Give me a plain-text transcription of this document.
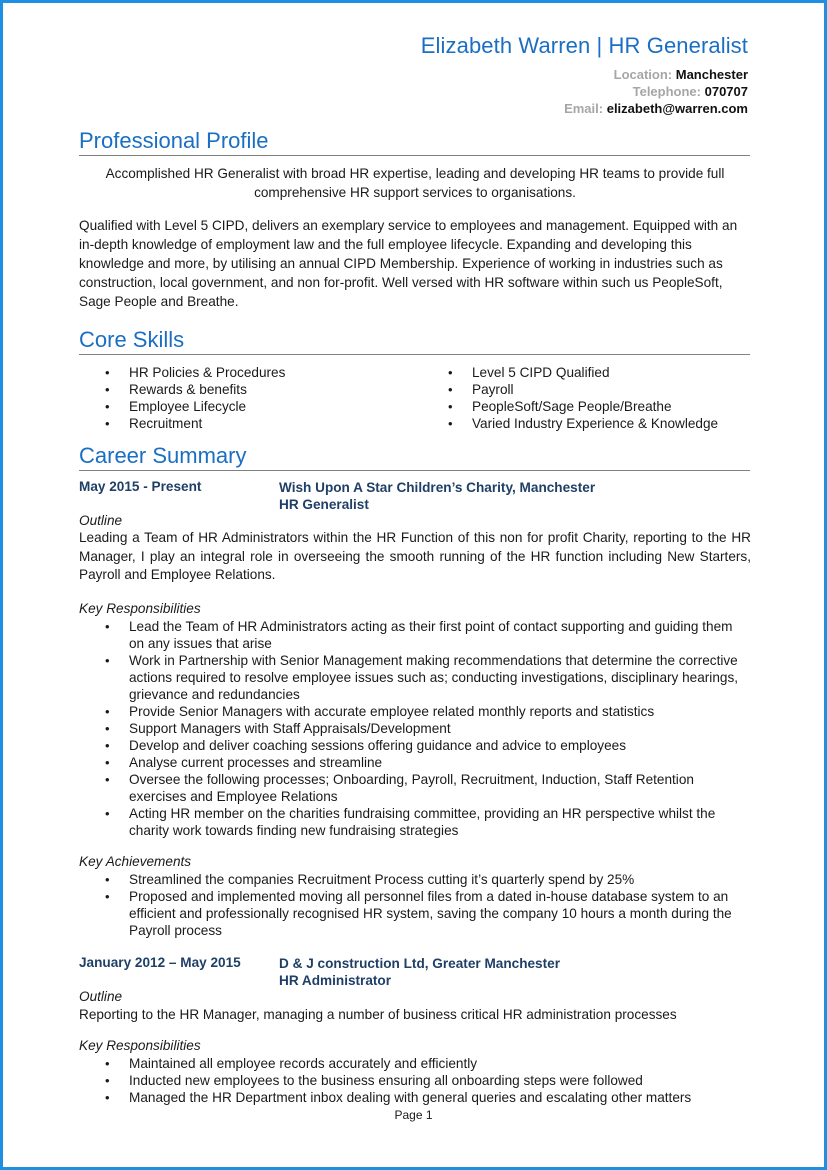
Elizabeth Warren | HR Generalist
Location: Manchester
Telephone: 070707
Email: elizabeth@warren.com
Professional Profile
Accomplished HR Generalist with broad HR expertise, leading and developing HR teams to provide full comprehensive HR support services to organisations.
Qualified with Level 5 CIPD, delivers an exemplary service to employees and management. Equipped with an in-depth knowledge of employment law and the full employee lifecycle. Expanding and developing this knowledge and more, by utilising an annual CIPD Membership. Experience of working in industries such as construction, local government, and non for-profit. Well versed with HR software within such us PeopleSoft, Sage People and Breathe.
Core Skills
• HR Policies & Procedures
• Rewards & benefits
• Employee Lifecycle
• Recruitment
• Level 5 CIPD Qualified
• Payroll
• PeopleSoft/Sage People/Breathe
• Varied Industry Experience & Knowledge
Career Summary
May 2015 - Present	Wish Upon A Star Children’s Charity, Manchester
HR Generalist
Outline
Leading a Team of HR Administrators within the HR Function of this non for profit Charity, reporting to the HR Manager, I play an integral role in overseeing the smooth running of the HR function including New Starters, Payroll and Employee Relations.
Key Responsibilities
• Lead the Team of HR Administrators acting as their first point of contact supporting and guiding them on any issues that arise
• Work in Partnership with Senior Management making recommendations that determine the corrective actions required to resolve employee issues such as; conducting investigations, disciplinary hearings, grievance and redundancies
• Provide Senior Managers with accurate employee related monthly reports and statistics
• Support Managers with Staff Appraisals/Development
• Develop and deliver coaching sessions offering guidance and advice to employees
• Analyse current processes and streamline
• Oversee the following processes; Onboarding, Payroll, Recruitment, Induction, Staff Retention exercises and Employee Relations
• Acting HR member on the charities fundraising committee, providing an HR perspective whilst the charity work towards finding new fundraising strategies
Key Achievements
• Streamlined the companies Recruitment Process cutting it’s quarterly spend by 25%
• Proposed and implemented moving all personnel files from a dated in-house database system to an efficient and professionally recognised HR system, saving the company 10 hours a month during the Payroll process
January 2012 – May 2015	D & J construction Ltd, Greater Manchester
HR Administrator
Outline
Reporting to the HR Manager, managing a number of business critical HR administration processes
Key Responsibilities
• Maintained all employee records accurately and efficiently
• Inducted new employees to the business ensuring all onboarding steps were followed
• Managed the HR Department inbox dealing with general queries and escalating other matters
Page 1
